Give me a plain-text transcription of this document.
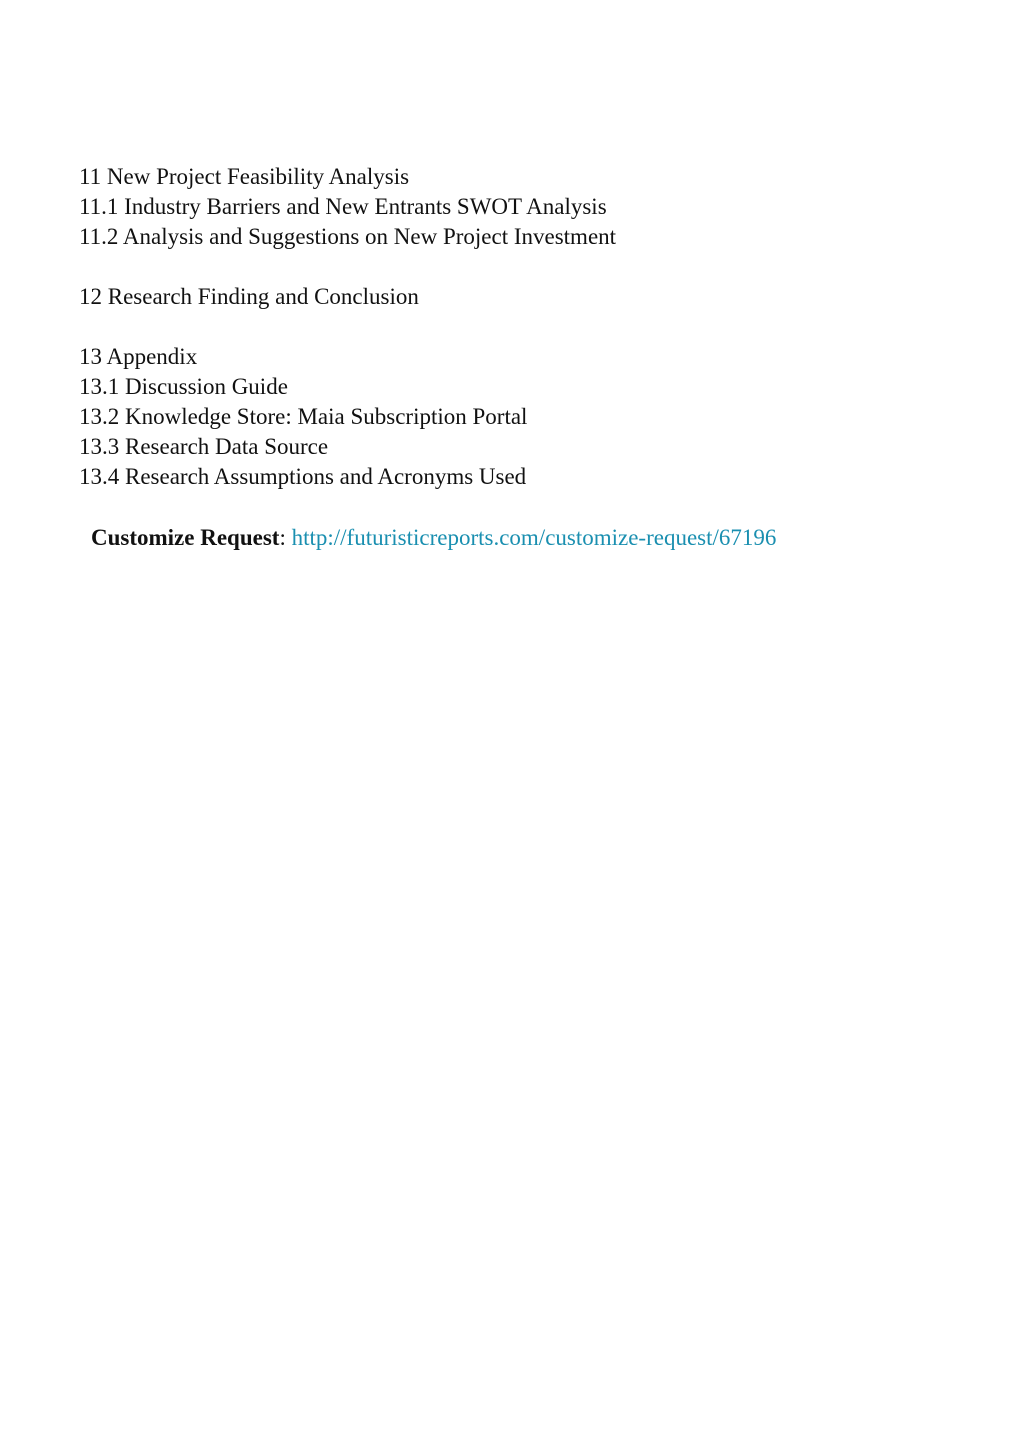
11 New Project Feasibility Analysis
11.1 Industry Barriers and New Entrants SWOT Analysis
11.2 Analysis and Suggestions on New Project Investment
12 Research Finding and Conclusion
13 Appendix
13.1 Discussion Guide
13.2 Knowledge Store: Maia Subscription Portal
13.3 Research Data Source
13.4 Research Assumptions and Acronyms Used
Customize Request: http://futuristicreports.com/customize-request/67196
